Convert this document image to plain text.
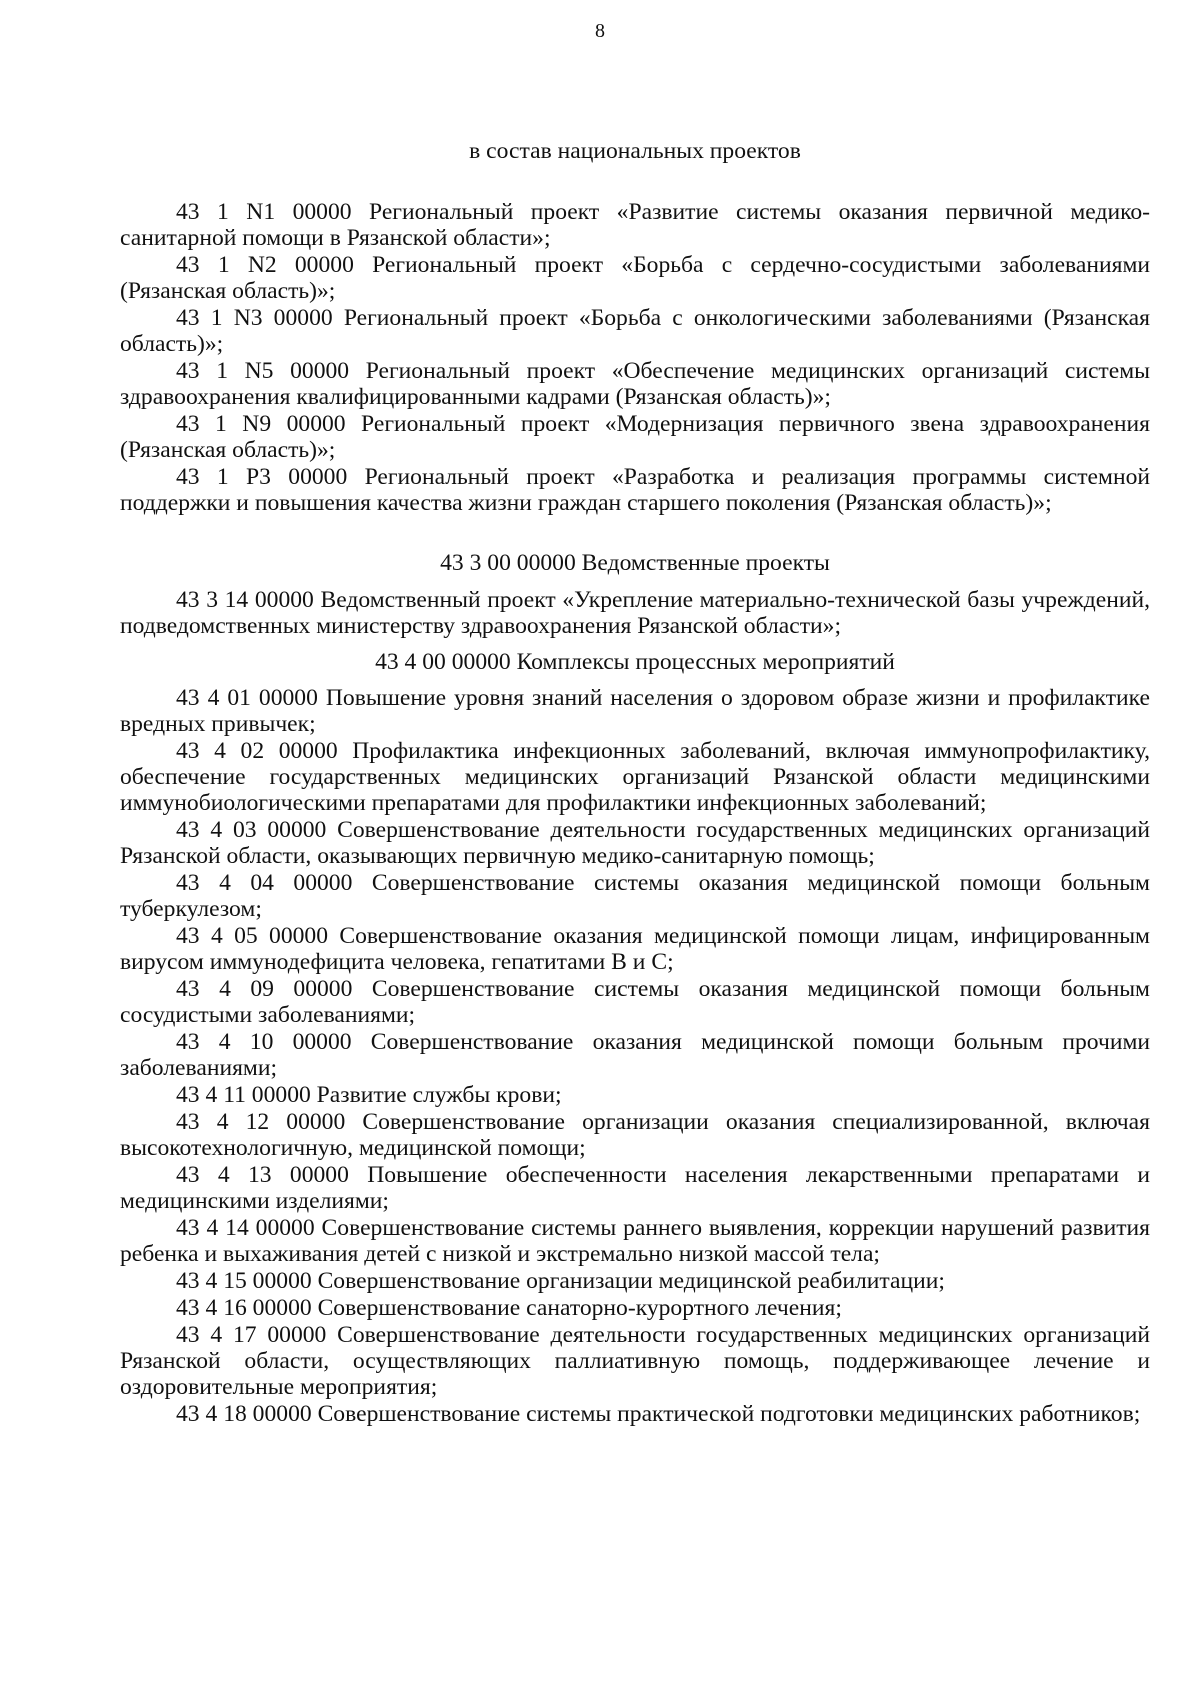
8

в состав национальных проектов

43 1 N1 00000 Региональный проект «Развитие системы оказания первичной медико-санитарной помощи в Рязанской области»;

43 1 N2 00000 Региональный проект «Борьба с сердечно-сосудистыми заболеваниями (Рязанская область)»;

43 1 N3 00000 Региональный проект «Борьба с онкологическими заболеваниями (Рязанская область)»;

43 1 N5 00000 Региональный проект «Обеспечение медицинских организаций системы здравоохранения квалифицированными кадрами (Рязанская область)»;

43 1 N9 00000 Региональный проект «Модернизация первичного звена здравоохранения (Рязанская область)»;

43 1 P3 00000 Региональный проект «Разработка и реализация программы системной поддержки и повышения качества жизни граждан старшего поколения (Рязанская область)»;

43 3 00 00000 Ведомственные проекты

43 3 14 00000 Ведомственный проект «Укрепление материально-технической базы учреждений, подведомственных министерству здравоохранения Рязанской области»;

43 4 00 00000 Комплексы процессных мероприятий

43 4 01 00000 Повышение уровня знаний населения о здоровом образе жизни и профилактике вредных привычек;

43 4 02 00000 Профилактика инфекционных заболеваний, включая иммунопрофилактику, обеспечение государственных медицинских организаций Рязанской области медицинскими иммунобиологическими препаратами для профилактики инфекционных заболеваний;

43 4 03 00000 Совершенствование деятельности государственных медицинских организаций Рязанской области, оказывающих первичную медико-санитарную помощь;

43 4 04 00000 Совершенствование системы оказания медицинской помощи больным туберкулезом;

43 4 05 00000 Совершенствование оказания медицинской помощи лицам, инфицированным вирусом иммунодефицита человека, гепатитами В и С;

43 4 09 00000 Совершенствование системы оказания медицинской помощи больным сосудистыми заболеваниями;

43 4 10 00000 Совершенствование оказания медицинской помощи больным прочими заболеваниями;

43 4 11 00000 Развитие службы крови;

43 4 12 00000 Совершенствование организации оказания специализированной, включая высокотехнологичную, медицинской помощи;

43 4 13 00000 Повышение обеспеченности населения лекарственными препаратами и медицинскими изделиями;

43 4 14 00000 Совершенствование системы раннего выявления, коррекции нарушений развития ребенка и выхаживания детей с низкой и экстремально низкой массой тела;

43 4 15 00000 Совершенствование организации медицинской реабилитации;

43 4 16 00000 Совершенствование санаторно-курортного лечения;

43 4 17 00000 Совершенствование деятельности государственных медицинских организаций Рязанской области, осуществляющих паллиативную помощь, поддерживающее лечение и оздоровительные мероприятия;

43 4 18 00000 Совершенствование системы практической подготовки медицинских работников;
